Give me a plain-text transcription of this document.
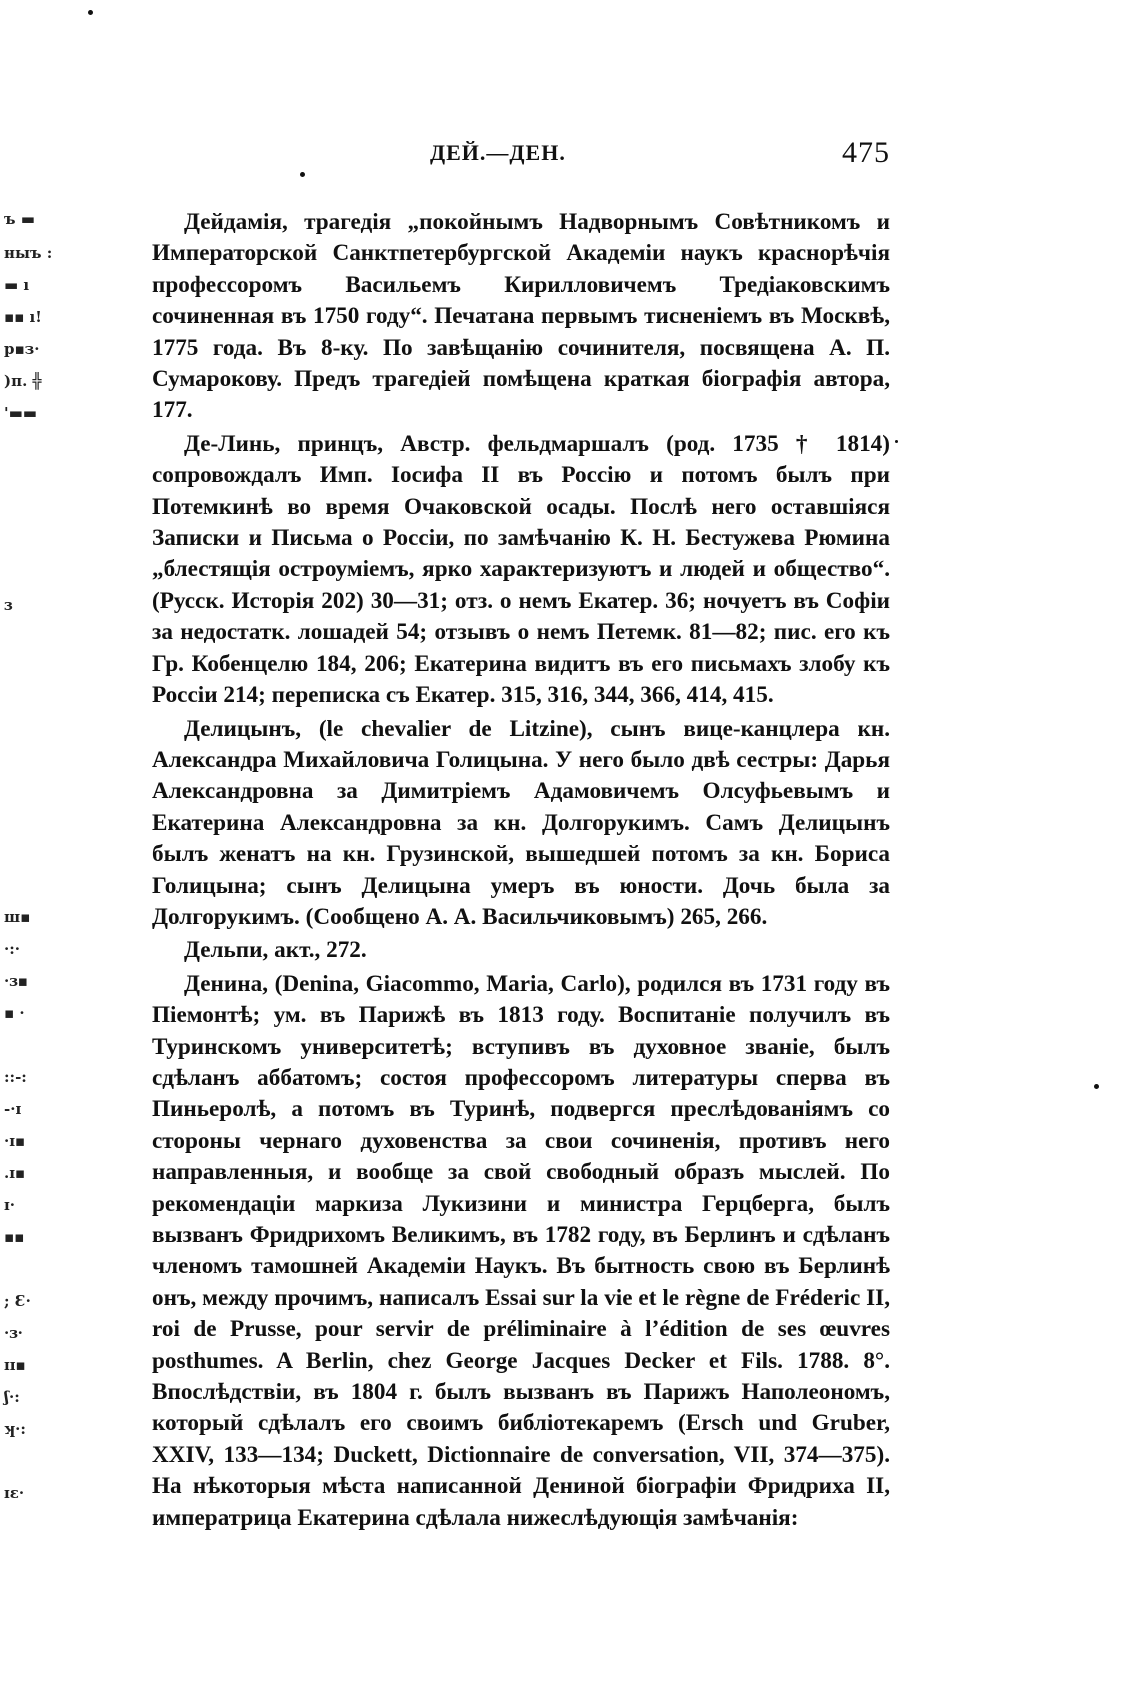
ъ ▬
ныъ :
▬ ı
▪▪ ı!
р▪з·
)п. ╬
'▬▬
ɜ
ш▪
·:·
·ɜ▪
▪ ·
::-:
-·ɪ
·ɪ▪
.ɪ▪
ɪ·
▪▪
; Ɛ·
·ɜ·
ɪɪ▪
ʃ·:
ʞ·:
ɪɛ·
ДЕЙ.—ДЕН.	475

Дейдамія, трагедія „покойнымъ Надворнымъ Совѣтникомъ и Императорской Санктпетербургской Академіи наукъ краснорѣчія профессоромъ Васильемъ Кирилловичемъ Тредіаковскимъ сочиненная въ 1750 году“. Печатана первымъ тисненіемъ въ Москвѣ, 1775 года. Въ 8-ку. По завѣщанію сочинителя, посвящена А. П. Сумарокову. Предъ трагедіей помѣщена краткая біографія автора, 177.

Де-Линь, принцъ, Австр. фельдмаршалъ (род. 1735 † 1814) сопровождалъ Имп. Іосифа II въ Россію и потомъ былъ при Потемкинѣ во время Очаковской осады. Послѣ него оставшіяся Записки и Письма о Россіи, по замѣчанію К. Н. Бестужева Рюмина „блестящія остроуміемъ, ярко характеризуютъ и людей и общество“. (Русск. Исторія 202) 30—31; отз. о немъ Екатер. 36; ночуетъ въ Софіи за недостатк. лошадей 54; отзывъ о немъ Петемк. 81—82; пис. его къ Гр. Кобенцелю 184, 206; Екатерина видитъ въ его письмахъ злобу къ Россіи 214; переписка съ Екатер. 315, 316, 344, 366, 414, 415.

Делицынъ, (le chevalier de Litzine), сынъ вице-канцлера кн. Александра Михайловича Голицына. У него было двѣ сестры: Дарья Александровна за Димитріемъ Адамовичемъ Олсуфьевымъ и Екатерина Александровна за кн. Долгорукимъ. Самъ Делицынъ былъ женатъ на кн. Грузинской, вышедшей потомъ за кн. Бориса Голицына; сынъ Делицына умеръ въ юности. Дочь была за Долгорукимъ. (Сообщено А. А. Васильчиковымъ) 265, 266.

Дельпи, акт., 272.

Денина, (Denina, Giacommo, Maria, Carlo), родился въ 1731 году въ Піемонтѣ; ум. въ Парижѣ въ 1813 году. Воспитаніе получилъ въ Туринскомъ университетѣ; вступивъ въ духовное званіе, былъ сдѣланъ аббатомъ; состоя профессоромъ литературы сперва въ Пиньеролѣ, а потомъ въ Туринѣ, подвергся преслѣдованіямъ со стороны чернаго духовенства за свои сочиненія, противъ него направленныя, и вообще за свой свободный образъ мыслей. По рекомендаціи маркиза Лукизини и министра Герцберга, былъ вызванъ Фридрихомъ Великимъ, въ 1782 году, въ Берлинъ и сдѣланъ членомъ тамошней Академіи Наукъ. Въ бытность свою въ Берлинѣ онъ, между прочимъ, написалъ Essai sur la vie et le règne de Fréderic II, roi de Prusse, pour servir de préliminaire à l’édition de ses œuvres posthumes. A Berlin, chez George Jacques Decker et Fils. 1788. 8°. Впослѣдствіи, въ 1804 г. былъ вызванъ въ Парижъ Наполеономъ, который сдѣлалъ его своимъ библіотекаремъ (Ersch und Gruber, XXIV, 133—134; Duckett, Dictionnaire de conversation, VII, 374—375). На нѣкоторыя мѣста написанной Дениной біографіи Фридриха II, императрица Екатерина сдѣлала нижеслѣдующія замѣчанія:
